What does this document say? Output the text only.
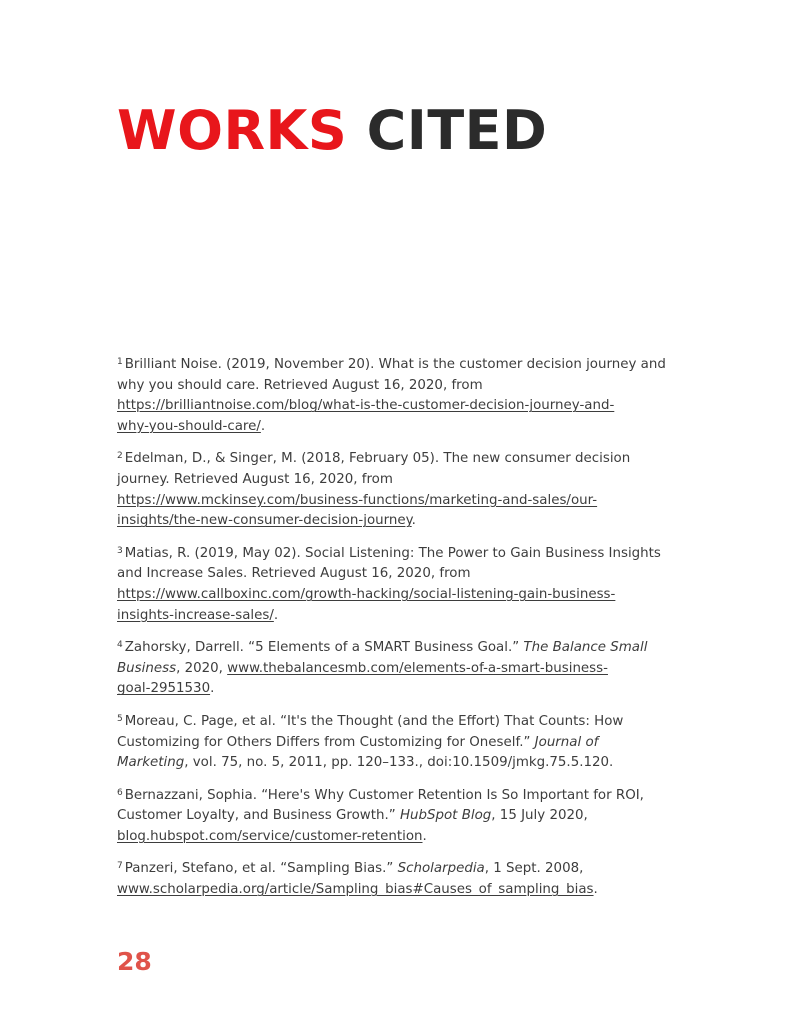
WORKS CITED
$^1$ Brilliant Noise. (2019, November 20). What is the customer decision journey and

why you should care. Retrieved August 16, 2020, from
https://brilliantnoise.com/blog/what-is-the-customer-decision-journey-and-
why-you-should-care/.
$^2$ Edelman, D., & Singer, M. (2018, February 05). The new consumer decision

journey. Retrieved August 16, 2020, from
https://www.mckinsey.com/business-functions/marketing-and-sales/our-
insights/the-new-consumer-decision-journey.
$^3$ Matias, R. (2019, May 02). Social Listening: The Power to Gain Business Insights

and Increase Sales. Retrieved August 16, 2020, from
https://www.callboxinc.com/growth-hacking/social-listening-gain-business-
insights-increase-sales/.
$^4$ Zahorsky, Darrell. “5 Elements of a SMART Business Goal.” The Balance Small

Business, 2020, www.thebalancesmb.com/elements-of-a-smart-business-
goal-2951530.
$^5$ Moreau, C. Page, et al. “It's the Thought (and the Effort) That Counts: How

Customizing for Others Differs from Customizing for Oneself.” Journal of
Marketing, vol. 75, no. 5, 2011, pp. 120–133., doi:10.1509/jmkg.75.5.120.
$^6$ Bernazzani, Sophia. “Here's Why Customer Retention Is So Important for ROI,

Customer Loyalty, and Business Growth.” HubSpot Blog, 15 July 2020,
blog.hubspot.com/service/customer-retention.
$^7$ Panzeri, Stefano, et al. “Sampling Bias.” Scholarpedia, 1 Sept. 2008,

www.scholarpedia.org/article/Sampling_bias#Causes_of_sampling_bias.
28
